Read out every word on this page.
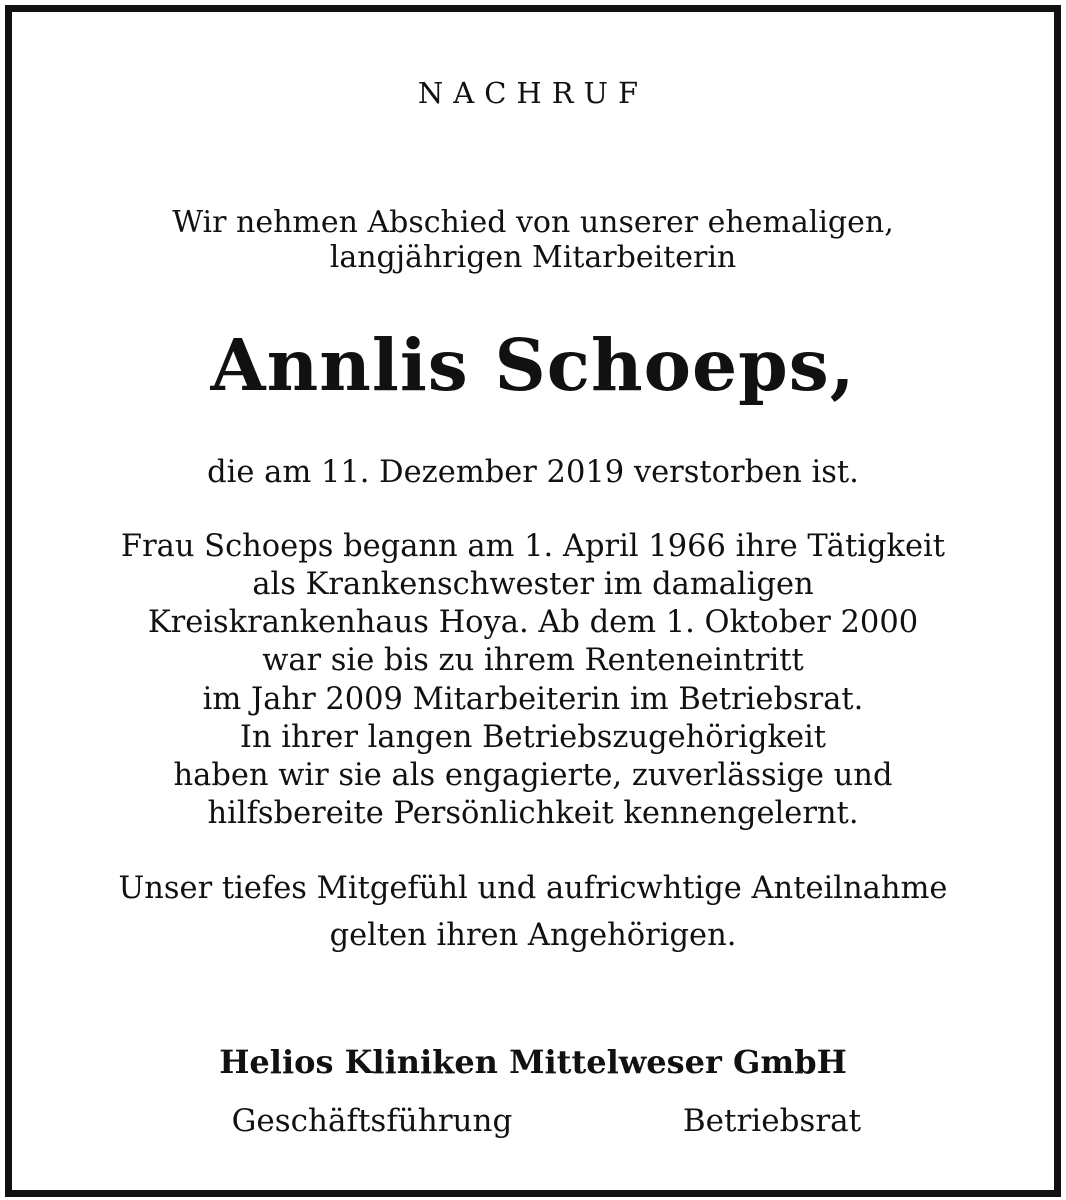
NACHRUF
Wir nehmen Abschied von unserer ehemaligen,
langjährigen Mitarbeiterin
Annlis Schoeps,
die am 11. Dezember 2019 verstorben ist.
Frau Schoeps begann am 1. April 1966 ihre Tätigkeit
als Krankenschwester im damaligen
Kreiskrankenhaus Hoya. Ab dem 1. Oktober 2000
war sie bis zu ihrem Renteneintritt
im Jahr 2009 Mitarbeiterin im Betriebsrat.
In ihrer langen Betriebszugehörigkeit
haben wir sie als engagierte, zuverlässige und
hilfsbereite Persönlichkeit kennengelernt.
Unser tiefes Mitgefühl und aufricwhtige Anteilnahme
gelten ihren Angehörigen.
Helios Kliniken Mittelweser GmbH
Geschäftsführung	Betriebsrat
